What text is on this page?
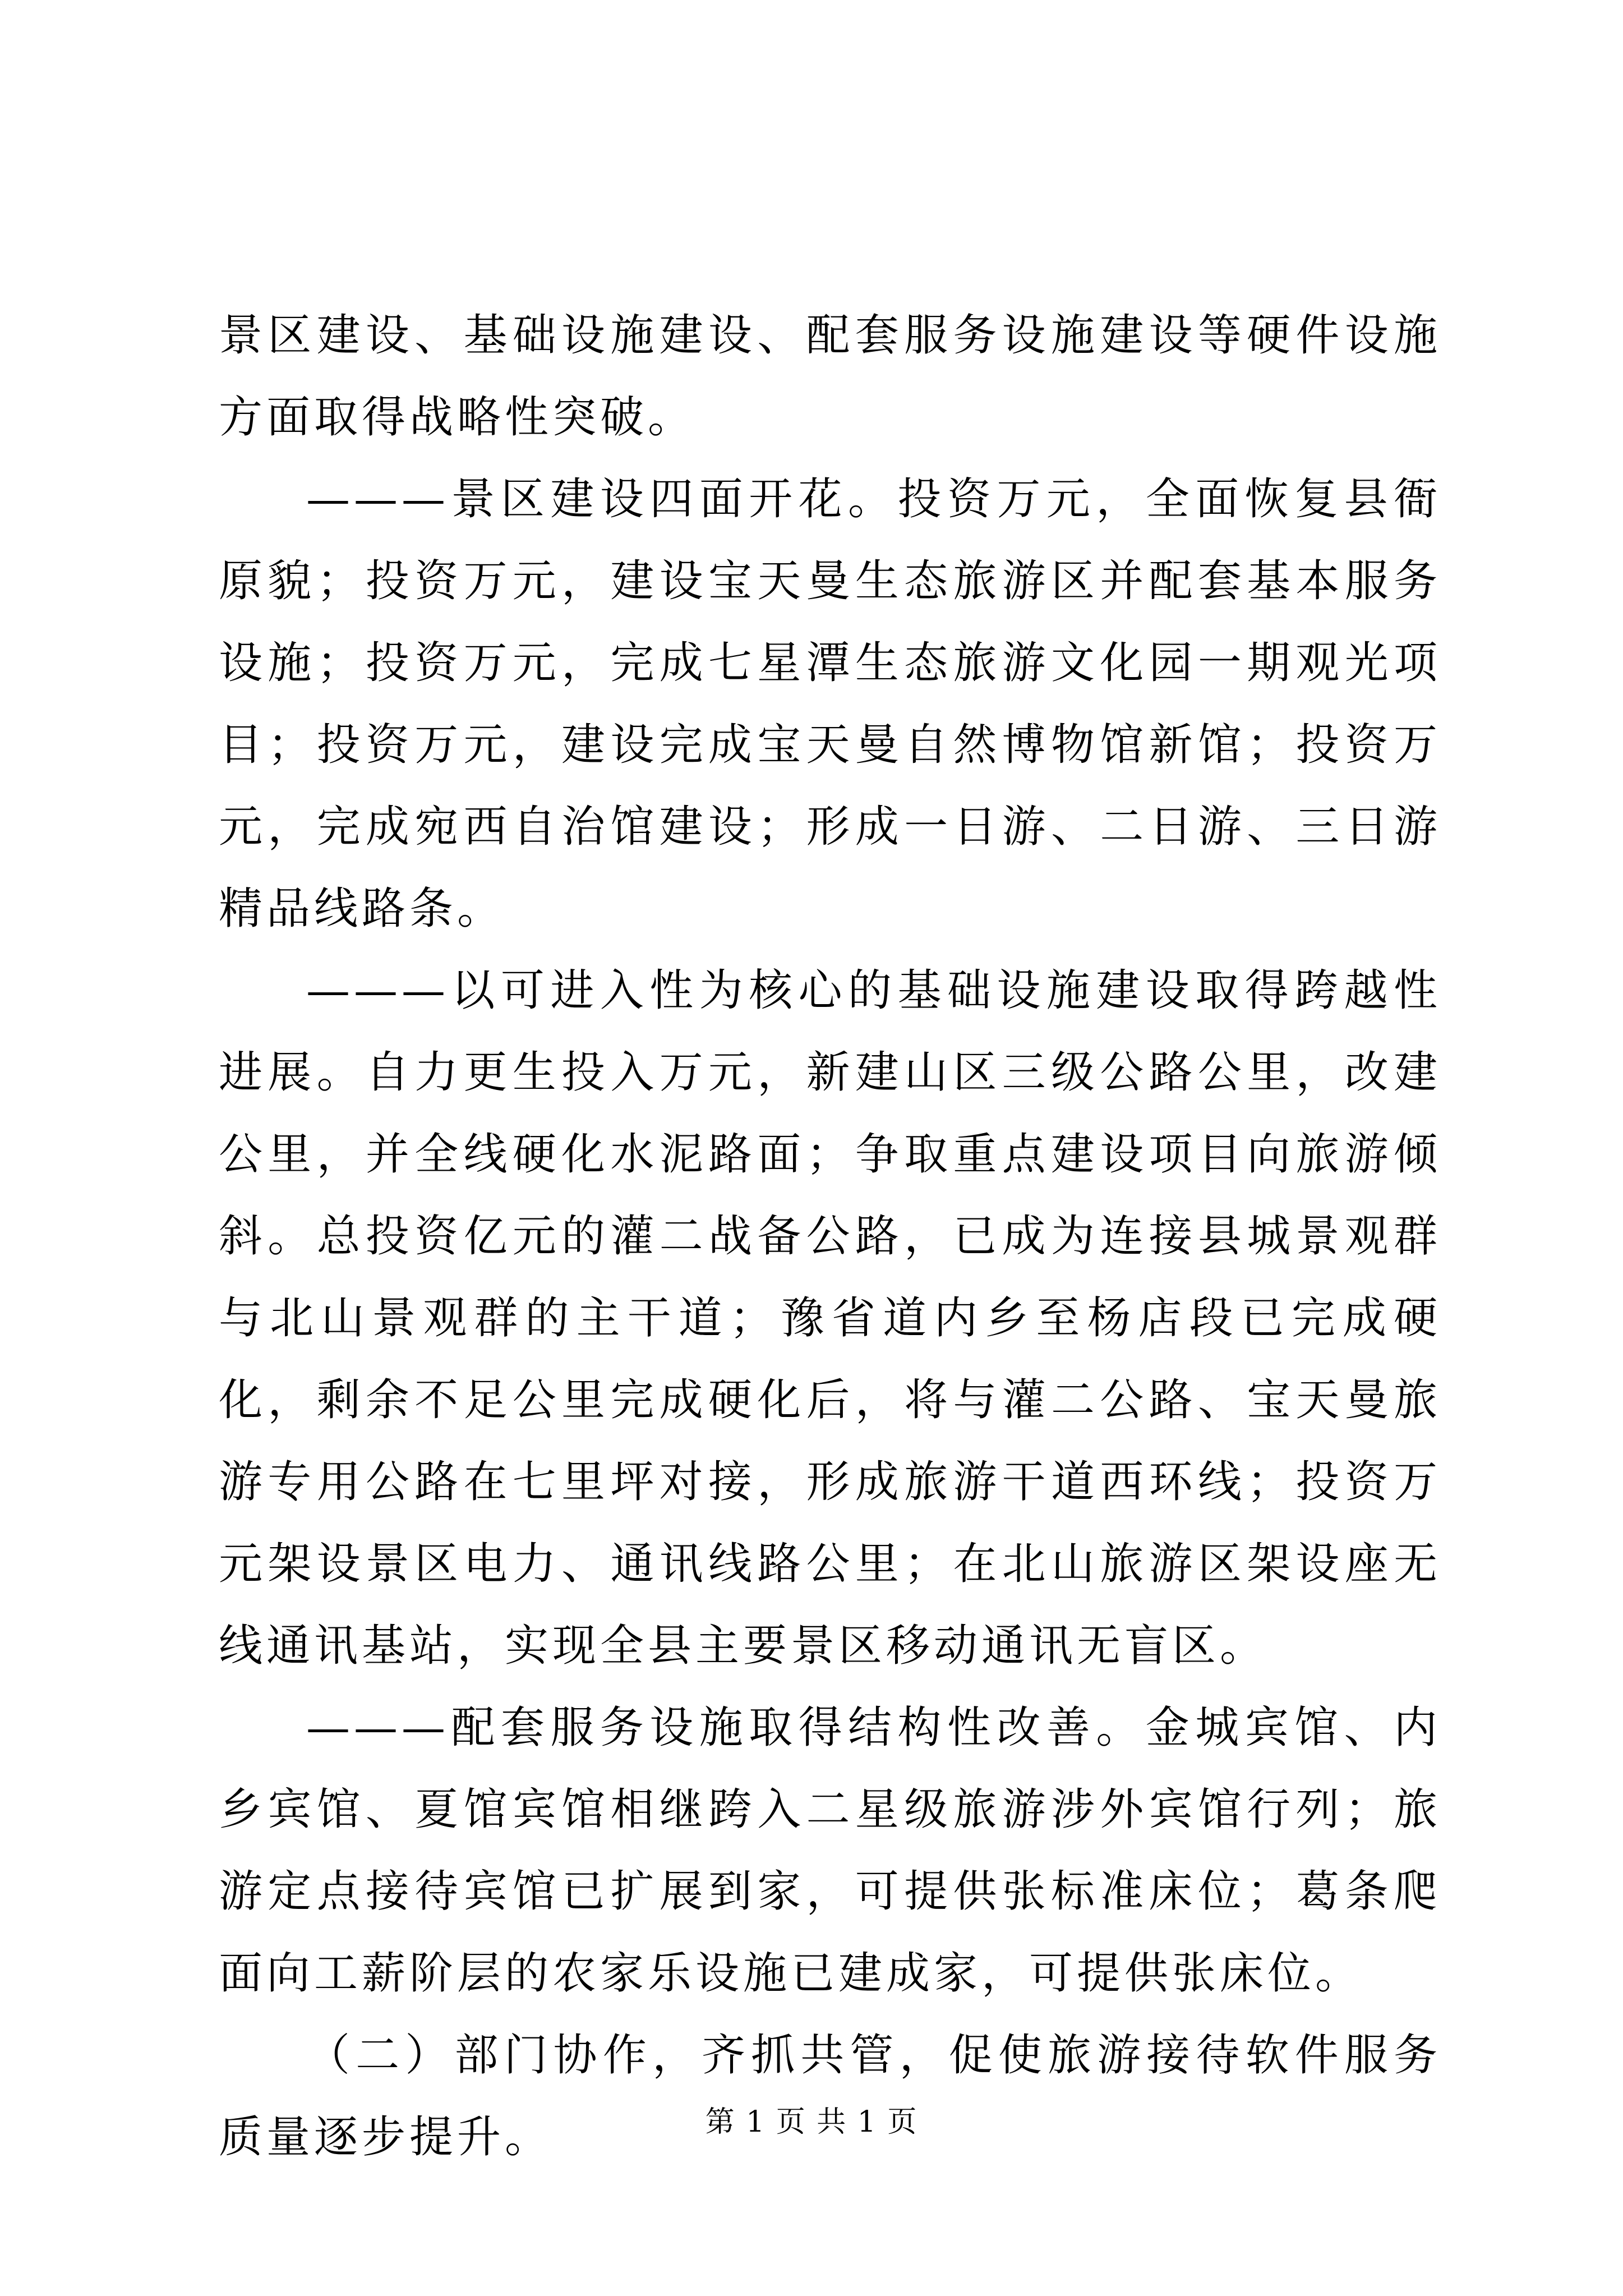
景区建设、基础设施建设、配套服务设施建设等硬件设施方面取得战略性突破。

———景区建设四面开花。投资万元，全面恢复县衙原貌；投资万元，建设宝天曼生态旅游区并配套基本服务设施；投资万元，完成七星潭生态旅游文化园一期观光项目；投资万元，建设完成宝天曼自然博物馆新馆；投资万元，完成宛西自治馆建设；形成一日游、二日游、三日游精品线路条。

———以可进入性为核心的基础设施建设取得跨越性进展。自力更生投入万元，新建山区三级公路公里，改建公里，并全线硬化水泥路面；争取重点建设项目向旅游倾斜。总投资亿元的灌二战备公路，已成为连接县城景观群与北山景观群的主干道；豫省道内乡至杨店段已完成硬化，剩余不足公里完成硬化后，将与灌二公路、宝天曼旅游专用公路在七里坪对接，形成旅游干道西环线；投资万元架设景区电力、通讯线路公里；在北山旅游区架设座无线通讯基站，实现全县主要景区移动通讯无盲区。

———配套服务设施取得结构性改善。金城宾馆、内乡宾馆、夏馆宾馆相继跨入二星级旅游涉外宾馆行列；旅游定点接待宾馆已扩展到家，可提供张标准床位；葛条爬面向工薪阶层的农家乐设施已建成家，可提供张床位。

（二）部门协作，齐抓共管，促使旅游接待软件服务质量逐步提升。	第 1 页 共 1 页
